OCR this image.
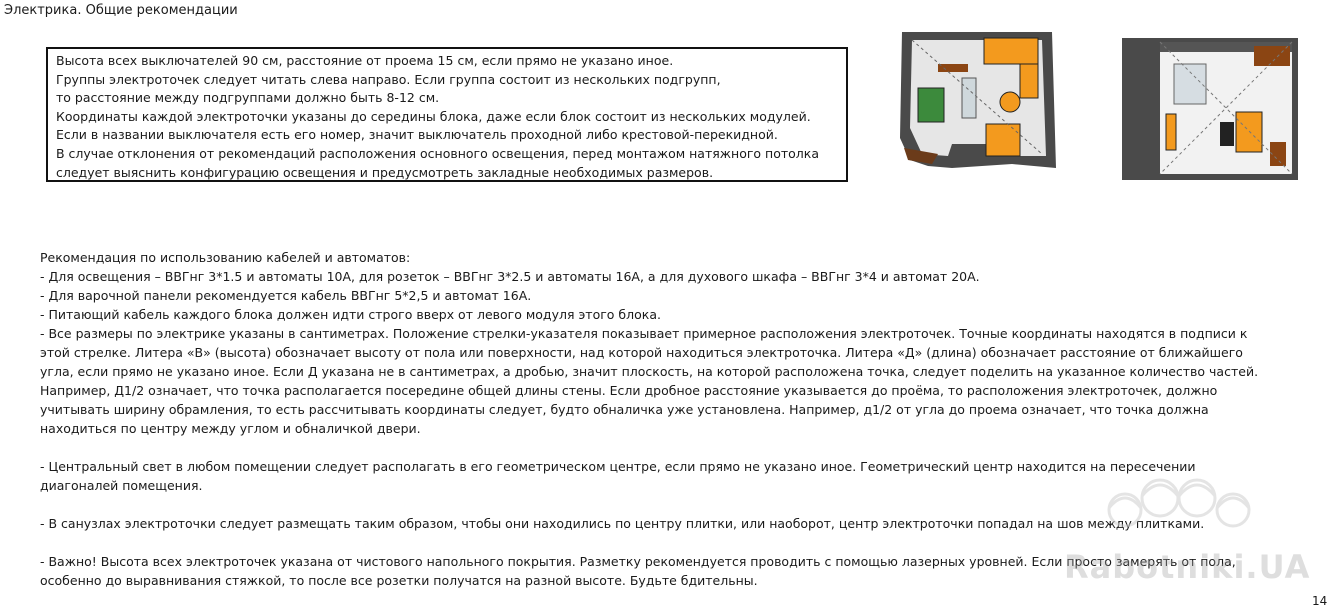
Электрика. Общие рекомендации
Высота всех выключателей 90 см, расстояние от проема 15 см, если прямо не указано иное.
Группы электроточек следует читать слева направо. Если группа состоит из нескольких подгрупп,
то расстояние между подгруппами должно быть 8-12 см.
Координаты каждой электроточки указаны до середины блока, даже если блок состоит из нескольких модулей.
Если в названии выключателя есть его номер, значит выключатель проходной либо крестовой-перекидной.
В случае отклонения от рекомендаций расположения основного освещения, перед монтажом натяжного потолка
следует выяснить конфигурацию освещения и предусмотреть закладные необходимых размеров.
Рекомендация по использованию кабелей и автоматов:
- Для освещения – ВВГнг 3*1.5 и автоматы 10А, для розеток – ВВГнг 3*2.5 и автоматы 16А, а для духового шкафа – ВВГнг 3*4 и автомат 20А.
- Для варочной панели рекомендуется кабель ВВГнг 5*2,5 и автомат 16А.
- Питающий кабель каждого блока должен идти строго вверх от левого модуля этого блока.
- Все размеры по электрике указаны в сантиметрах. Положение стрелки-указателя показывает примерное расположения электроточек. Точные координаты находятся в подписи к
этой стрелке. Литера «В» (высота) обозначает высоту от пола или поверхности, над которой находиться электроточка. Литера «Д» (длина) обозначает расстояние от ближайшего
угла, если прямо не указано иное. Если Д указана не в сантиметрах, а дробью, значит плоскость, на которой расположена точка, следует поделить на указанное количество частей.
Например, Д1/2 означает, что точка располагается посередине общей длины стены. Если дробное расстояние указывается до проёма, то расположения электроточек, должно
учитывать ширину обрамления, то есть рассчитывать координаты следует, будто обналичка уже установлена. Например, д1/2 от угла до проема означает, что точка должна
находиться по центру между углом и обналичкой двери.
- Центральный свет в любом помещении следует располагать в его геометрическом центре, если прямо не указано иное. Геометрический центр находится на пересечении
диагоналей помещения.
- В санузлах электроточки следует размещать таким образом, чтобы они находились по центру плитки, или наоборот, центр электроточки попадал на шов между плитками.
- Важно! Высота всех электроточек указана от чистового напольного покрытия. Разметку рекомендуется проводить с помощью лазерных уровней. Если просто замерять от пола,
особенно до выравнивания стяжкой, то после все розетки получатся на разной высоте. Будьте бдительны.	Rabotniki.UA
14
